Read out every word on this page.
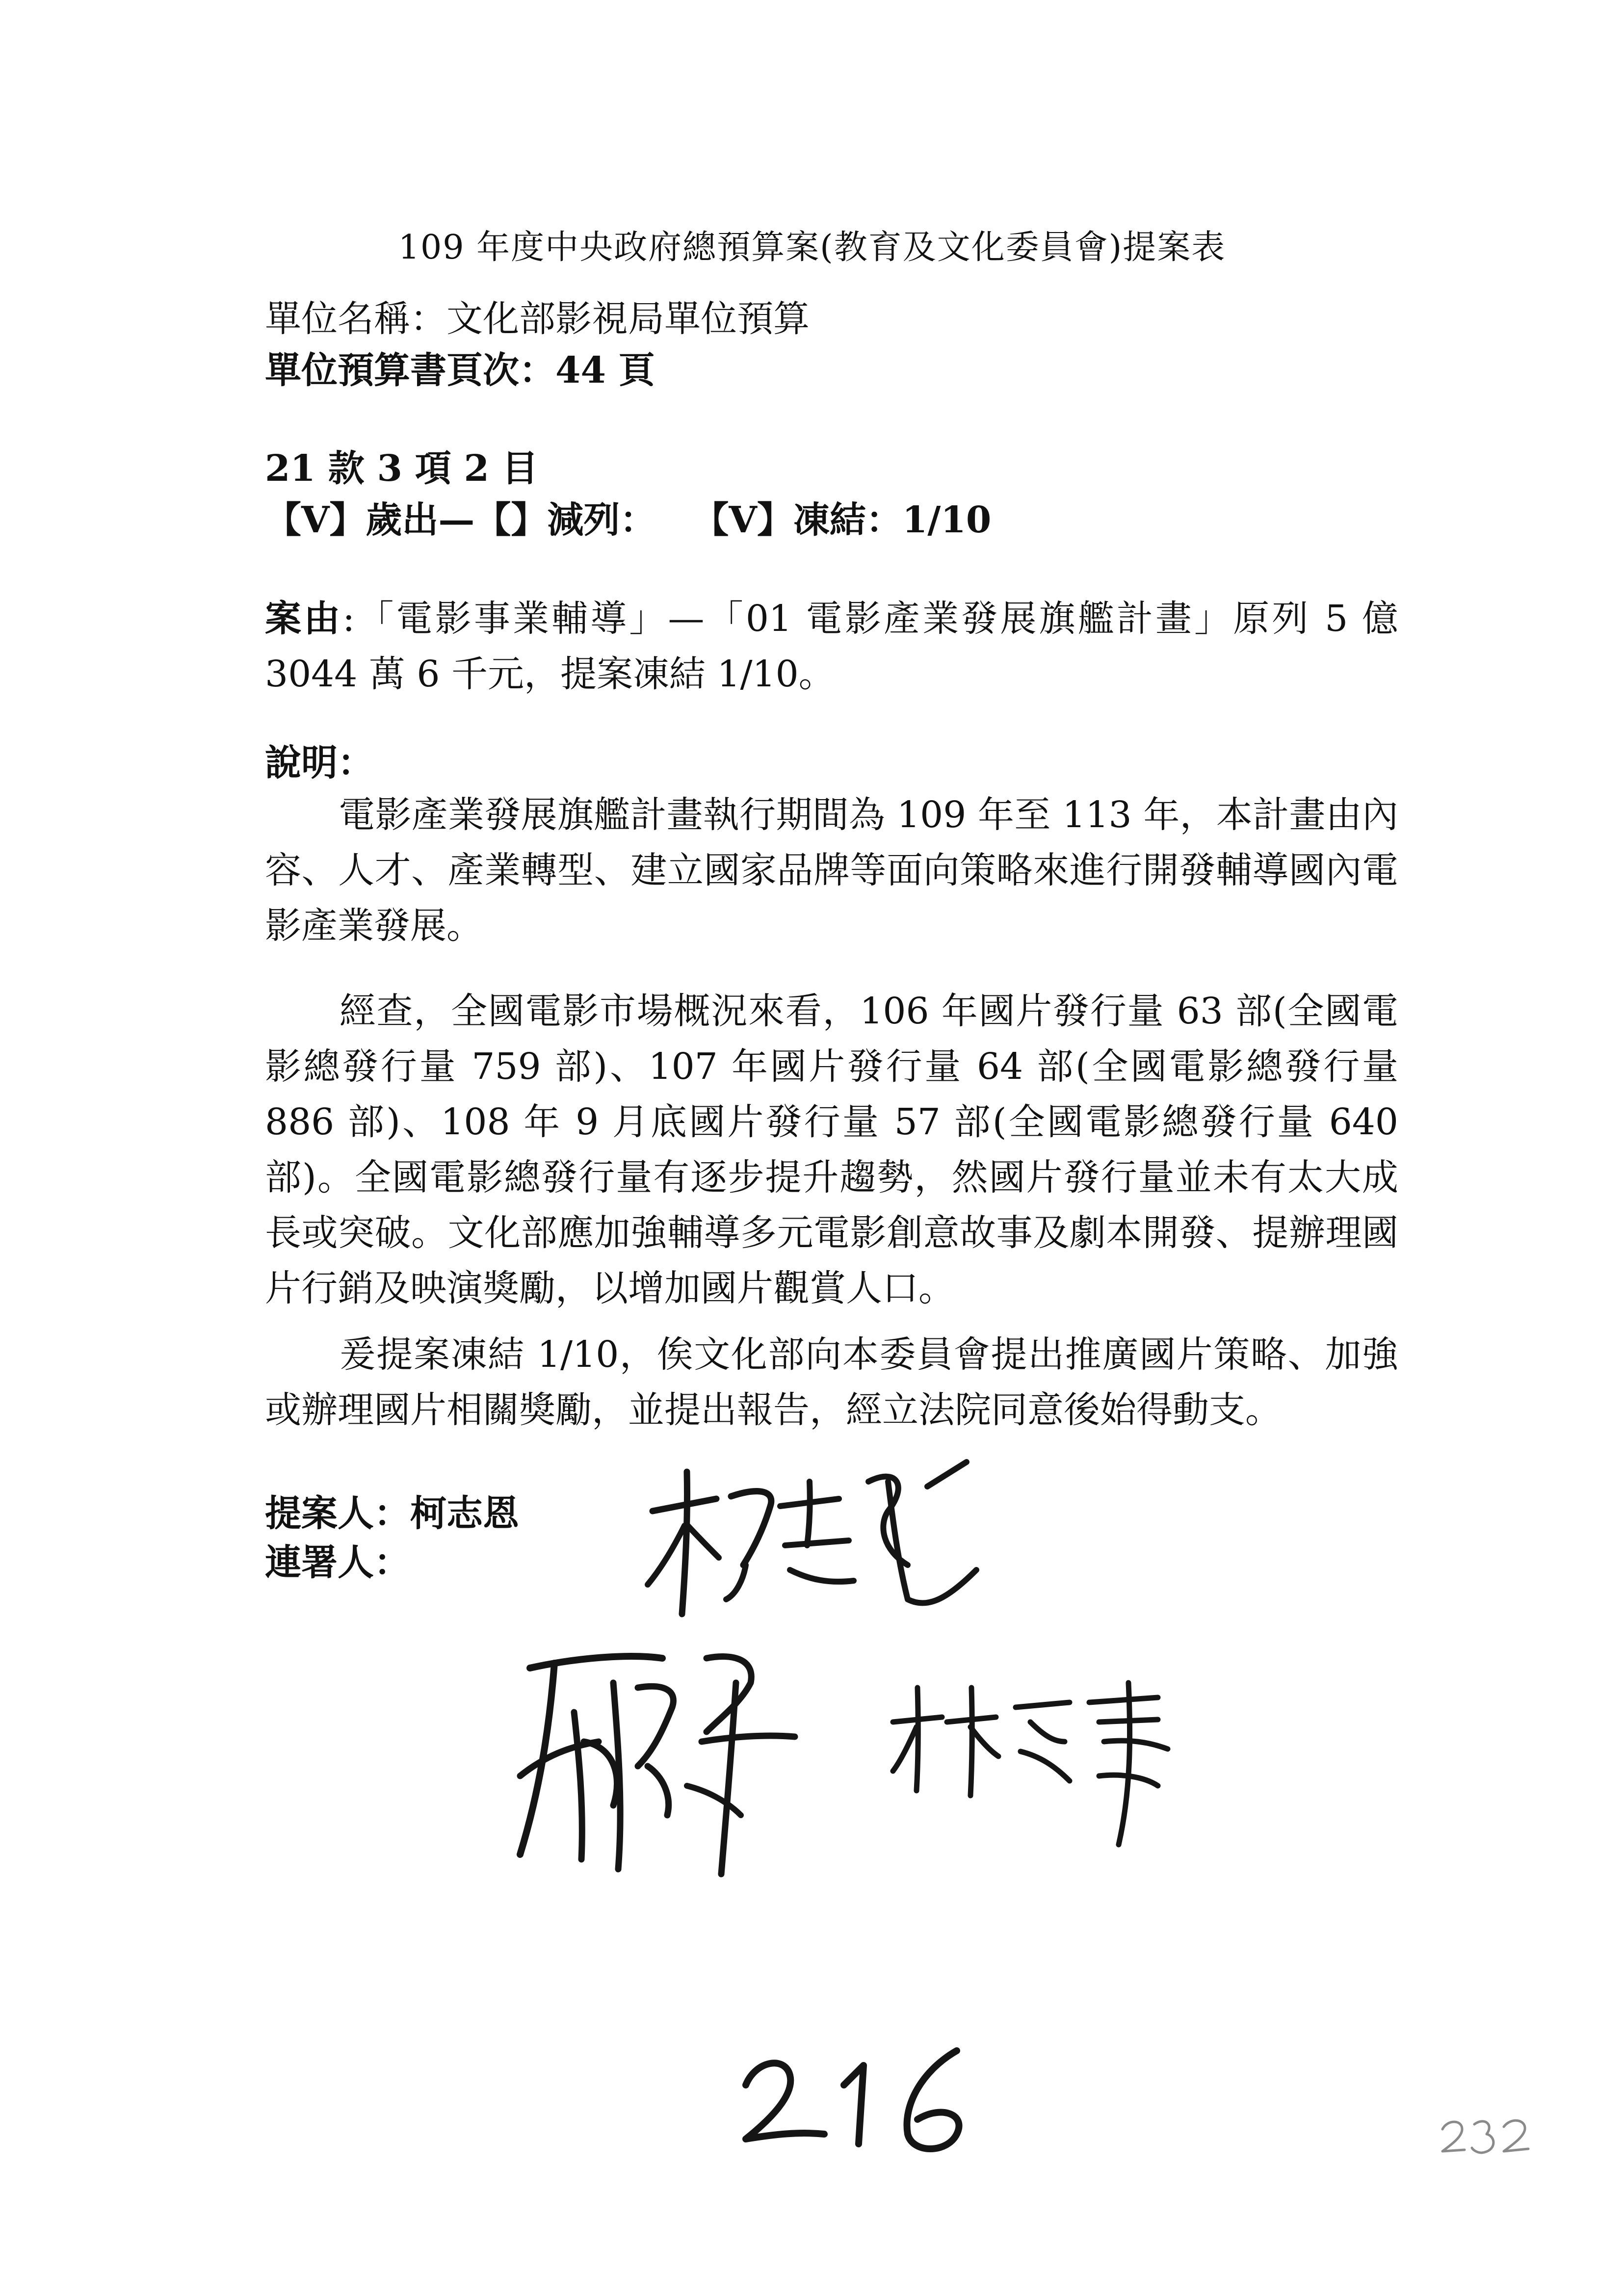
109 年度中央政府總預算案(教育及文化委員會)提案表
單位名稱：文化部影視局單位預算
單位預算書頁次：44 頁
21 款 3 項 2 目
【V】歲出—【】減列：　　【V】凍結：1/10
案由:「電影事業輔導」—「01 電影產業發展旗艦計畫」原列 5 億 3044 萬 6 千元，提案凍結 1/10。
說明：
電影產業發展旗艦計畫執行期間為 109 年至 113 年，本計畫由內容、人才、產業轉型、建立國家品牌等面向策略來進行開發輔導國內電影產業發展。
經查，全國電影市場概況來看，106 年國片發行量 63 部(全國電影總發行量 759 部)、107 年國片發行量 64 部(全國電影總發行量 886 部)、108 年 9 月底國片發行量 57 部(全國電影總發行量 640 部)。全國電影總發行量有逐步提升趨勢，然國片發行量並未有太大成長或突破。文化部應加強輔導多元電影創意故事及劇本開發、提辦理國片行銷及映演獎勵，以增加國片觀賞人口。
爰提案凍結 1/10，俟文化部向本委員會提出推廣國片策略、加強或辦理國片相關獎勵，並提出報告，經立法院同意後始得動支。
提案人：柯志恩
連署人：
